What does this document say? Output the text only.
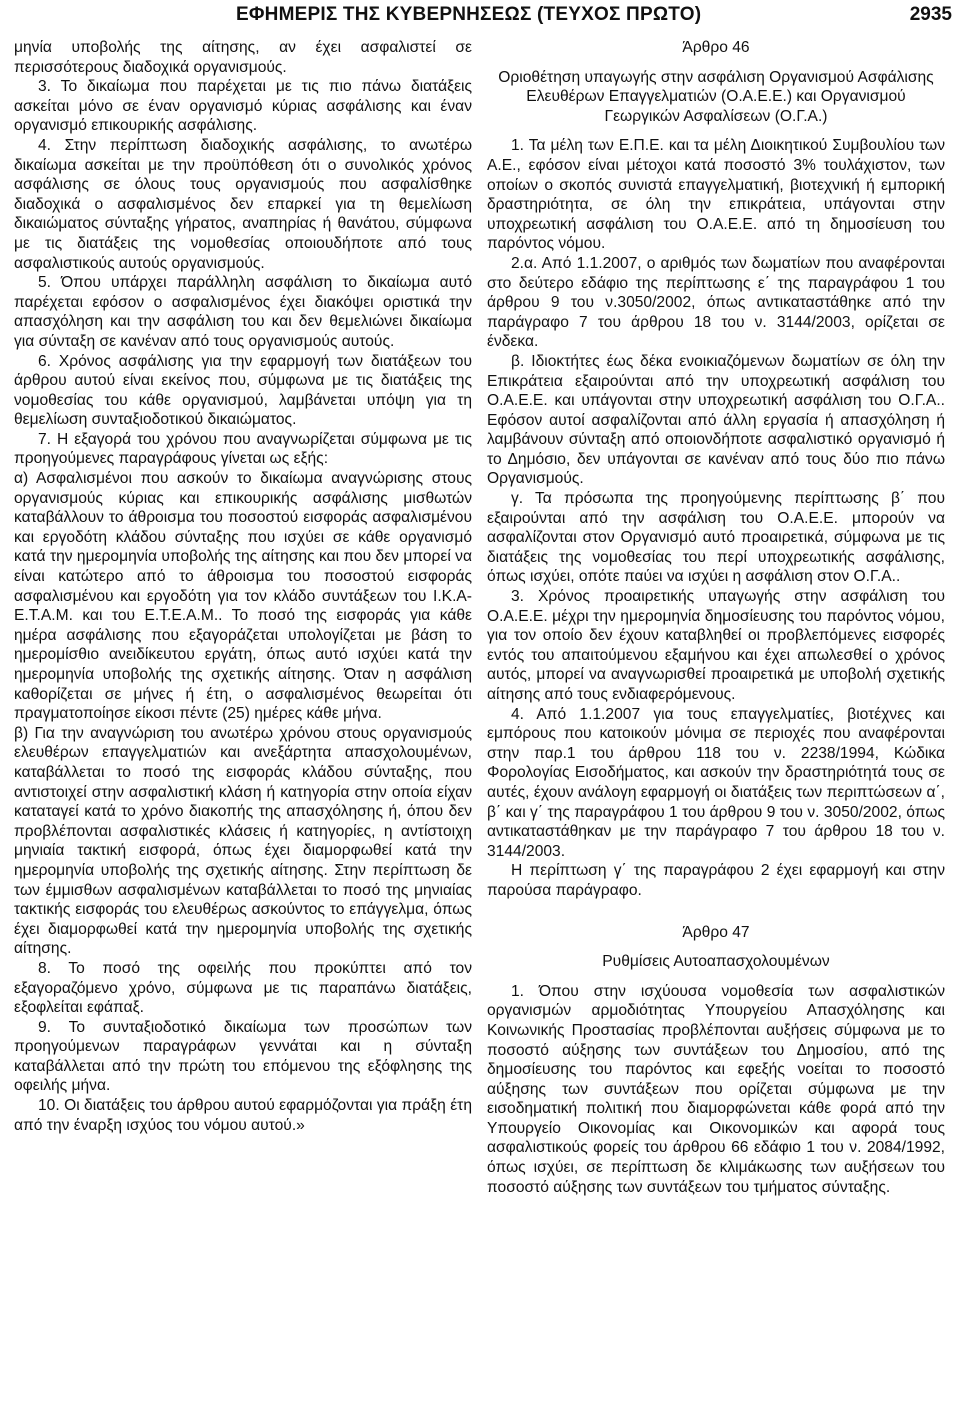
ΕΦΗΜΕΡΙΣ ΤΗΣ ΚΥΒΕΡΝΗΣΕΩΣ (ΤΕΥΧΟΣ ΠΡΩΤΟ)	2935

μηνία υποβολής της αίτησης, αν έχει ασφαλιστεί σε περισσότερους διαδοχικά οργανισμούς.

3. Το δικαίωμα που παρέχεται με τις πιο πάνω διατάξεις ασκείται μόνο σε έναν οργανισμό κύριας ασφάλισης και έναν οργανισμό επικουρικής ασφάλισης.

4. Στην περίπτωση διαδοχικής ασφάλισης, το ανωτέρω δικαίωμα ασκείται με την προϋπόθεση ότι ο συνολικός χρόνος ασφάλισης σε όλους τους οργανισμούς που ασφαλίσθηκε διαδοχικά ο ασφαλισμένος δεν επαρκεί για τη θεμελίωση δικαιώματος σύνταξης γήρατος, αναπηρίας ή θανάτου, σύμφωνα με τις διατάξεις της νομοθεσίας οποιουδήποτε από τους ασφαλιστικούς αυτούς οργανισμούς.

5. Όπου υπάρχει παράλληλη ασφάλιση το δικαίωμα αυτό παρέχεται εφόσον ο ασφαλισμένος έχει διακόψει οριστικά την απασχόληση και την ασφάλιση του και δεν θεμελιώνει δικαίωμα για σύνταξη σε κανέναν από τους οργανισμούς αυτούς.

6. Χρόνος ασφάλισης για την εφαρμογή των διατάξεων του άρθρου αυτού είναι εκείνος που, σύμφωνα με τις διατάξεις της νομοθεσίας του κάθε οργανισμού, λαμβάνεται υπόψη για τη θεμελίωση συνταξιοδοτικού δικαιώματος.

7. Η εξαγορά του χρόνου που αναγνωρίζεται σύμφωνα με τις προηγούμενες παραγράφους γίνεται ως εξής:

α) Ασφαλισμένοι που ασκούν το δικαίωμα αναγνώρισης στους οργανισμούς κύριας και επικουρικής ασφάλισης μισθωτών καταβάλλουν το άθροισμα του ποσοστού εισφοράς ασφαλισμένου και εργοδότη κλάδου σύνταξης που ισχύει σε κάθε οργανισμό κατά την ημερομηνία υποβολής της αίτησης και που δεν μπορεί να είναι κατώτερο από το άθροισμα του ποσοστού εισφοράς ασφαλισμένου και εργοδότη για τον κλάδο συντάξεων του Ι.Κ.Α-Ε.Τ.Α.Μ. και του Ε.Τ.Ε.Α.Μ.. Το ποσό της εισφοράς για κάθε ημέρα ασφάλισης που εξαγοράζεται υπολογίζεται με βάση το ημερομίσθιο ανειδίκευτου εργάτη, όπως αυτό ισχύει κατά την ημερομηνία υποβολής της σχετικής αίτησης. Όταν η ασφάλιση καθορίζεται σε μήνες ή έτη, ο ασφαλισμένος θεωρείται ότι πραγματοποίησε είκοσι πέντε (25) ημέρες κάθε μήνα.

β) Για την αναγνώριση του ανωτέρω χρόνου στους οργανισμούς ελευθέρων επαγγελματιών και ανεξάρτητα απασχολουμένων, καταβάλλεται το ποσό της εισφοράς κλάδου σύνταξης, που αντιστοιχεί στην ασφαλιστική κλάση ή κατηγορία στην οποία είχαν καταταγεί κατά το χρόνο διακοπής της απασχόλησης ή, όπου δεν προβλέπονται ασφαλιστικές κλάσεις ή κατηγορίες, η αντίστοιχη μηνιαία τακτική εισφορά, όπως έχει διαμορφωθεί κατά την ημερομηνία υποβολής της σχετικής αίτησης. Στην περίπτωση δε των έμμισθων ασφαλισμένων καταβάλλεται το ποσό της μηνιαίας τακτικής εισφοράς του ελευθέρως ασκούντος το επάγγελμα, όπως έχει διαμορφωθεί κατά την ημερομηνία υποβολής της σχετικής αίτησης.

8. Το ποσό της οφειλής που προκύπτει από τον εξαγοραζόμενο χρόνο, σύμφωνα με τις παραπάνω διατάξεις, εξοφλείται εφάπαξ.

9. Το συνταξιοδοτικό δικαίωμα των προσώπων των προηγούμενων παραγράφων γεννάται και η σύνταξη καταβάλλεται από την πρώτη του επόμενου της εξόφλησης της οφειλής μήνα.

10. Οι διατάξεις του άρθρου αυτού εφαρμόζονται για πράξη έτη από την έναρξη ισχύος του νόμου αυτού.»

Άρθρο 46

Οριοθέτηση υπαγωγής στην ασφάλιση Οργανισμού Ασφάλισης Ελευθέρων Επαγγελματιών (Ο.Α.Ε.Ε.) και Οργανισμού Γεωργικών Ασφαλίσεων (Ο.Γ.Α.)

1. Τα μέλη των Ε.Π.Ε. και τα μέλη Διοικητικού Συμβουλίου των Α.Ε., εφόσον είναι μέτοχοι κατά ποσοστό 3% τουλάχιστον, των οποίων ο σκοπός συνιστά επαγγελματική, βιοτεχνική ή εμπορική δραστηριότητα, σε όλη την επικράτεια, υπάγονται στην υποχρεωτική ασφάλιση του Ο.Α.Ε.Ε. από τη δημοσίευση του παρόντος νόμου.

2.α. Από 1.1.2007, ο αριθμός των δωματίων που αναφέρονται στο δεύτερο εδάφιο της περίπτωσης ε΄ της παραγράφου 1 του άρθρου 9 του ν.3050/2002, όπως αντικαταστάθηκε από την παράγραφο 7 του άρθρου 18 του ν. 3144/2003, ορίζεται σε ένδεκα.

β. Ιδιοκτήτες έως δέκα ενοικιαζόμενων δωματίων σε όλη την Επικράτεια εξαιρούνται από την υποχρεωτική ασφάλιση του Ο.Α.Ε.Ε. και υπάγονται στην υποχρεωτική ασφάλιση του Ο.Γ.Α.. Εφόσον αυτοί ασφαλίζονται από άλλη εργασία ή απασχόληση ή λαμβάνουν σύνταξη από οποιονδήποτε ασφαλιστικό οργανισμό ή το Δημόσιο, δεν υπάγονται σε κανέναν από τους δύο πιο πάνω Οργανισμούς.

γ. Τα πρόσωπα της προηγούμενης περίπτωσης β΄ που εξαιρούνται από την ασφάλιση του Ο.Α.Ε.Ε. μπορούν να ασφαλίζονται στον Οργανισμό αυτό προαιρετικά, σύμφωνα με τις διατάξεις της νομοθεσίας του περί υποχρεωτικής ασφάλισης, όπως ισχύει, οπότε παύει να ισχύει η ασφάλιση στον Ο.Γ.Α..

3. Χρόνος προαιρετικής υπαγωγής στην ασφάλιση του Ο.Α.Ε.Ε. μέχρι την ημερομηνία δημοσίευσης του παρόντος νόμου, για τον οποίο δεν έχουν καταβληθεί οι προβλεπόμενες εισφορές εντός του απαιτούμενου εξαμήνου και έχει απωλεσθεί ο χρόνος αυτός, μπορεί να αναγνωρισθεί προαιρετικά με υποβολή σχετικής αίτησης από τους ενδιαφερόμενους.

4. Από 1.1.2007 για τους επαγγελματίες, βιοτέχνες και εμπόρους που κατοικούν μόνιμα σε περιοχές που αναφέρονται στην παρ.1 του άρθρου 118 του ν. 2238/1994, Κώδικα Φορολογίας Εισοδήματος, και ασκούν την δραστηριότητά τους σε αυτές, έχουν ανάλογη εφαρμογή οι διατάξεις των περιπτώσεων α΄, β΄ και γ΄ της παραγράφου 1 του άρθρου 9 του ν. 3050/2002, όπως αντικαταστάθηκαν με την παράγραφο 7 του άρθρου 18 του ν. 3144/2003.

Η περίπτωση γ΄ της παραγράφου 2 έχει εφαρμογή και στην παρούσα παράγραφο.

Άρθρο 47

Ρυθμίσεις Αυτοαπασχολουμένων

1. Όπου στην ισχύουσα νομοθεσία των ασφαλιστικών οργανισμών αρμοδιότητας Υπουργείου Απασχόλησης και Κοινωνικής Προστασίας προβλέπονται αυξήσεις σύμφωνα με το ποσοστό αύξησης των συντάξεων του Δημοσίου, από της δημοσίευσης του παρόντος και εφεξής νοείται το ποσοστό αύξησης των συντάξεων που ορίζεται σύμφωνα με την εισοδηματική πολιτική που διαμορφώνεται κάθε φορά από την Υπουργείο Οικονομίας και Οικονομικών και αφορά τους ασφαλιστικούς φορείς του άρθρου 66 εδάφιο 1 του ν. 2084/1992, όπως ισχύει, σε περίπτωση δε κλιμάκωσης των αυξήσεων του ποσοστό αύξησης των συντάξεων του τμήματος σύνταξης.
